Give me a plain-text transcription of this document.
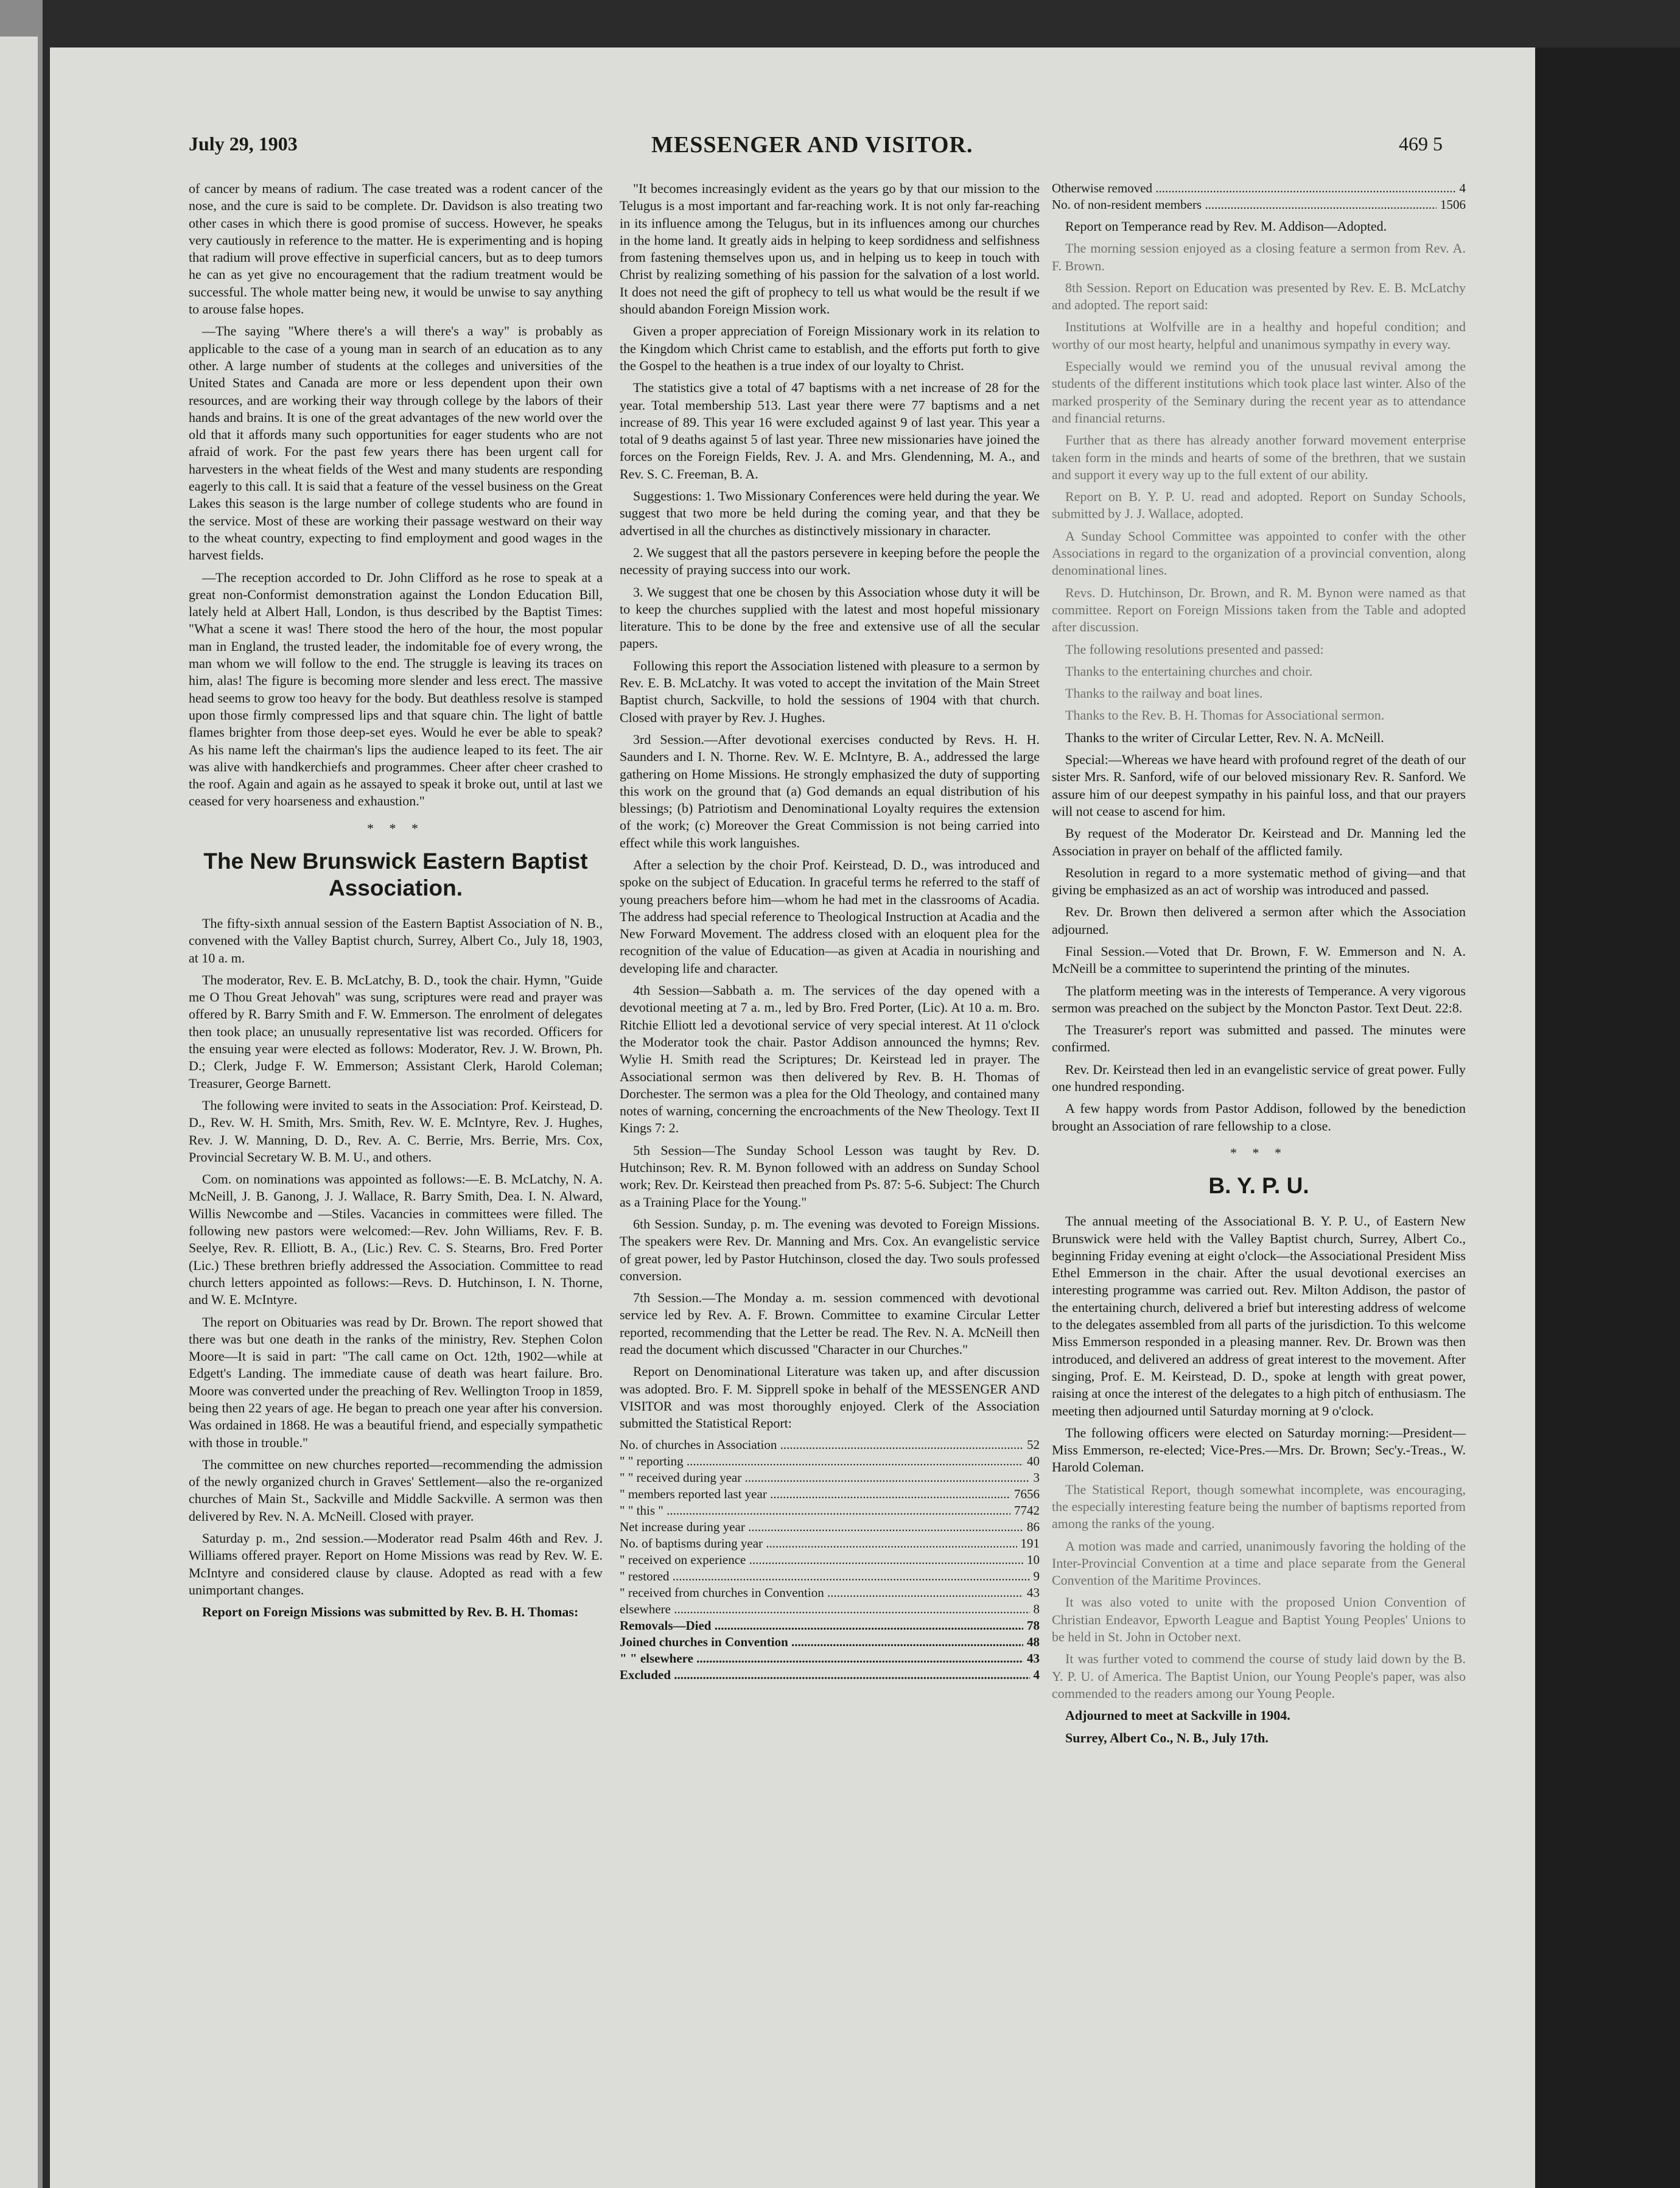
July 29, 1903	MESSENGER AND VISITOR.	469 5

of cancer by means of radium. The case treated was a rodent cancer of the nose, and the cure is said to be complete. Dr. Davidson is also treating two other cases in which there is good promise of success. However, he speaks very cautiously in reference to the matter. He is experimenting and is hoping that radium will prove effective in superficial cancers, but as to deep tumors he can as yet give no encouragement that the radium treatment would be successful. The whole matter being new, it would be unwise to say anything to arouse false hopes.

—The saying "Where there's a will there's a way" is probably as applicable to the case of a young man in search of an education as to any other. A large number of students at the colleges and universities of the United States and Canada are more or less dependent upon their own resources, and are working their way through college by the labors of their hands and brains. It is one of the great advantages of the new world over the old that it affords many such opportunities for eager students who are not afraid of work. For the past few years there has been urgent call for harvesters in the wheat fields of the West and many students are responding eagerly to this call. It is said that a feature of the vessel business on the Great Lakes this season is the large number of college students who are found in the service. Most of these are working their passage westward on their way to the wheat country, expecting to find employment and good wages in the harvest fields.

—The reception accorded to Dr. John Clifford as he rose to speak at a great non-Conformist demonstration against the London Education Bill, lately held at Albert Hall, London, is thus described by the Baptist Times: "What a scene it was! There stood the hero of the hour, the most popular man in England, the trusted leader, the indomitable foe of every wrong, the man whom we will follow to the end. The struggle is leaving its traces on him, alas! The figure is becoming more slender and less erect. The massive head seems to grow too heavy for the body. But deathless resolve is stamped upon those firmly compressed lips and that square chin. The light of battle flames brighter from those deep-set eyes. Would he ever be able to speak? As his name left the chairman's lips the audience leaped to its feet. The air was alive with handkerchiefs and programmes. Cheer after cheer crashed to the roof. Again and again as he assayed to speak it broke out, until at last we ceased for very hoarseness and exhaustion."

* * *
The New Brunswick Eastern Baptist Association.

The fifty-sixth annual session of the Eastern Baptist Association of N. B., convened with the Valley Baptist church, Surrey, Albert Co., July 18, 1903, at 10 a. m.

The moderator, Rev. E. B. McLatchy, B. D., took the chair. Hymn, "Guide me O Thou Great Jehovah" was sung, scriptures were read and prayer was offered by R. Barry Smith and F. W. Emmerson. The enrolment of delegates then took place; an unusually representative list was recorded. Officers for the ensuing year were elected as follows: Moderator, Rev. J. W. Brown, Ph. D.; Clerk, Judge F. W. Emmerson; Assistant Clerk, Harold Coleman; Treasurer, George Barnett.

The following were invited to seats in the Association: Prof. Keirstead, D. D., Rev. W. H. Smith, Mrs. Smith, Rev. W. E. McIntyre, Rev. J. Hughes, Rev. J. W. Manning, D. D., Rev. A. C. Berrie, Mrs. Berrie, Mrs. Cox, Provincial Secretary W. B. M. U., and others.

Com. on nominations was appointed as follows:—E. B. McLatchy, N. A. McNeill, J. B. Ganong, J. J. Wallace, R. Barry Smith, Dea. I. N. Alward, Willis Newcombe and —Stiles. Vacancies in committees were filled. The following new pastors were welcomed:—Rev. John Williams, Rev. F. B. Seelye, Rev. R. Elliott, B. A., (Lic.) Rev. C. S. Stearns, Bro. Fred Porter (Lic.) These brethren briefly addressed the Association. Committee to read church letters appointed as follows:—Revs. D. Hutchinson, I. N. Thorne, and W. E. McIntyre.

The report on Obituaries was read by Dr. Brown. The report showed that there was but one death in the ranks of the ministry, Rev. Stephen Colon Moore—It is said in part: "The call came on Oct. 12th, 1902—while at Edgett's Landing. The immediate cause of death was heart failure. Bro. Moore was converted under the preaching of Rev. Wellington Troop in 1859, being then 22 years of age. He began to preach one year after his conversion. Was ordained in 1868. He was a beautiful friend, and especially sympathetic with those in trouble."

The committee on new churches reported—recommending the admission of the newly organized church in Graves' Settlement—also the re-organized churches of Main St., Sackville and Middle Sackville. A sermon was then delivered by Rev. N. A. McNeill. Closed with prayer.

Saturday p. m., 2nd session.—Moderator read Psalm 46th and Rev. J. Williams offered prayer. Report on Home Missions was read by Rev. W. E. McIntyre and considered clause by clause. Adopted as read with a few unimportant changes.

Report on Foreign Missions was submitted by Rev. B. H. Thomas:

"It becomes increasingly evident as the years go by that our mission to the Telugus is a most important and far-reaching work. It is not only far-reaching in its influence among the Telugus, but in its influences among our churches in the home land. It greatly aids in helping to keep sordidness and selfishness from fastening themselves upon us, and in helping us to keep in touch with Christ by realizing something of his passion for the salvation of a lost world. It does not need the gift of prophecy to tell us what would be the result if we should abandon Foreign Mission work.

Given a proper appreciation of Foreign Missionary work in its relation to the Kingdom which Christ came to establish, and the efforts put forth to give the Gospel to the heathen is a true index of our loyalty to Christ.

The statistics give a total of 47 baptisms with a net increase of 28 for the year. Total membership 513. Last year there were 77 baptisms and a net increase of 89. This year 16 were excluded against 9 of last year. This year a total of 9 deaths against 5 of last year. Three new missionaries have joined the forces on the Foreign Fields, Rev. J. A. and Mrs. Glendenning, M. A., and Rev. S. C. Freeman, B. A.

Suggestions: 1. Two Missionary Conferences were held during the year. We suggest that two more be held during the coming year, and that they be advertised in all the churches as distinctively missionary in character.

2. We suggest that all the pastors persevere in keeping before the people the necessity of praying success into our work.

3. We suggest that one be chosen by this Association whose duty it will be to keep the churches supplied with the latest and most hopeful missionary literature. This to be done by the free and extensive use of all the secular papers.

Following this report the Association listened with pleasure to a sermon by Rev. E. B. McLatchy. It was voted to accept the invitation of the Main Street Baptist church, Sackville, to hold the sessions of 1904 with that church. Closed with prayer by Rev. J. Hughes.

3rd Session.—After devotional exercises conducted by Revs. H. H. Saunders and I. N. Thorne. Rev. W. E. McIntyre, B. A., addressed the large gathering on Home Missions. He strongly emphasized the duty of supporting this work on the ground that (a) God demands an equal distribution of his blessings; (b) Patriotism and Denominational Loyalty requires the extension of the work; (c) Moreover the Great Commission is not being carried into effect while this work languishes.

After a selection by the choir Prof. Keirstead, D. D., was introduced and spoke on the subject of Education. In graceful terms he referred to the staff of young preachers before him—whom he had met in the classrooms of Acadia. The address had special reference to Theological Instruction at Acadia and the New Forward Movement. The address closed with an eloquent plea for the recognition of the value of Education—as given at Acadia in nourishing and developing life and character.

4th Session—Sabbath a. m. The services of the day opened with a devotional meeting at 7 a. m., led by Bro. Fred Porter, (Lic). At 10 a. m. Bro. Ritchie Elliott led a devotional service of very special interest. At 11 o'clock the Moderator took the chair. Pastor Addison announced the hymns; Rev. Wylie H. Smith read the Scriptures; Dr. Keirstead led in prayer. The Associational sermon was then delivered by Rev. B. H. Thomas of Dorchester. The sermon was a plea for the Old Theology, and contained many notes of warning, concerning the encroachments of the New Theology. Text II Kings 7: 2.

5th Session—The Sunday School Lesson was taught by Rev. D. Hutchinson; Rev. R. M. Bynon followed with an address on Sunday School work; Rev. Dr. Keirstead then preached from Ps. 87: 5-6. Subject: The Church as a Training Place for the Young."

6th Session. Sunday, p. m. The evening was devoted to Foreign Missions. The speakers were Rev. Dr. Manning and Mrs. Cox. An evangelistic service of great power, led by Pastor Hutchinson, closed the day. Two souls professed conversion.

7th Session.—The Monday a. m. session commenced with devotional service led by Rev. A. F. Brown. Committee to examine Circular Letter reported, recommending that the Letter be read. The Rev. N. A. McNeill then read the document which discussed "Character in our Churches."

Report on Denominational Literature was taken up, and after discussion was adopted. Bro. F. M. Sipprell spoke in behalf of the MESSENGER AND VISITOR and was most thoroughly enjoyed. Clerk of the Association submitted the Statistical Report:

No. of churches in Association .....	52
" " reporting .....	40
" " received during year .....	3
" members reported last year .....	7656
" " this " .....	7742
Net increase during year .....	86
No. of baptisms during year .....	191
" received on experience .....	10
" restored .....	9
" received from churches in Convention .....	43
elsewhere .....	8
Removals—Died .....	78
Joined churches in Convention .....	48
" " elsewhere .....	43
Excluded .....	4
Otherwise removed .....	4
No. of non-resident members .....	1506

Report on Temperance read by Rev. M. Addison—Adopted.

The morning session enjoyed as a closing feature a sermon from Rev. A. F. Brown.

8th Session. Report on Education was presented by Rev. E. B. McLatchy and adopted. The report said:

Institutions at Wolfville are in a healthy and hopeful condition; and worthy of our most hearty, helpful and unanimous sympathy in every way.

Especially would we remind you of the unusual revival among the students of the different institutions which took place last winter. Also of the marked prosperity of the Seminary during the recent year as to attendance and financial returns.

Further that as there has already another forward movement enterprise taken form in the minds and hearts of some of the brethren, that we sustain and support it every way up to the full extent of our ability.

Report on B. Y. P. U. read and adopted. Report on Sunday Schools, submitted by J. J. Wallace, adopted.

A Sunday School Committee was appointed to confer with the other Associations in regard to the organization of a provincial convention, along denominational lines.

Revs. D. Hutchinson, Dr. Brown, and R. M. Bynon were named as that committee. Report on Foreign Missions taken from the Table and adopted after discussion.

The following resolutions presented and passed:

Thanks to the entertaining churches and choir.

Thanks to the railway and boat lines.

Thanks to the Rev. B. H. Thomas for Associational sermon.

Thanks to the writer of Circular Letter, Rev. N. A. McNeill.

Special:—Whereas we have heard with profound regret of the death of our sister Mrs. R. Sanford, wife of our beloved missionary Rev. R. Sanford. We assure him of our deepest sympathy in his painful loss, and that our prayers will not cease to ascend for him.

By request of the Moderator Dr. Keirstead and Dr. Manning led the Association in prayer on behalf of the afflicted family.

Resolution in regard to a more systematic method of giving—and that giving be emphasized as an act of worship was introduced and passed.

Rev. Dr. Brown then delivered a sermon after which the Association adjourned.

Final Session.—Voted that Dr. Brown, F. W. Emmerson and N. A. McNeill be a committee to superintend the printing of the minutes.

The platform meeting was in the interests of Temperance. A very vigorous sermon was preached on the subject by the Moncton Pastor. Text Deut. 22:8.

The Treasurer's report was submitted and passed. The minutes were confirmed.

Rev. Dr. Keirstead then led in an evangelistic service of great power. Fully one hundred responding.

A few happy words from Pastor Addison, followed by the benediction brought an Association of rare fellowship to a close.

* * *
B. Y. P. U.

The annual meeting of the Associational B. Y. P. U., of Eastern New Brunswick were held with the Valley Baptist church, Surrey, Albert Co., beginning Friday evening at eight o'clock—the Associational President Miss Ethel Emmerson in the chair. After the usual devotional exercises an interesting programme was carried out. Rev. Milton Addison, the pastor of the entertaining church, delivered a brief but interesting address of welcome to the delegates assembled from all parts of the jurisdiction. To this welcome Miss Emmerson responded in a pleasing manner. Rev. Dr. Brown was then introduced, and delivered an address of great interest to the movement. After singing, Prof. E. M. Keirstead, D. D., spoke at length with great power, raising at once the interest of the delegates to a high pitch of enthusiasm. The meeting then adjourned until Saturday morning at 9 o'clock.

The following officers were elected on Saturday morning:—President—Miss Emmerson, re-elected; Vice-Pres.—Mrs. Dr. Brown; Sec'y.-Treas., W. Harold Coleman.

The Statistical Report, though somewhat incomplete, was encouraging, the especially interesting feature being the number of baptisms reported from among the ranks of the young.

A motion was made and carried, unanimously favoring the holding of the Inter-Provincial Convention at a time and place separate from the General Convention of the Maritime Provinces.

It was also voted to unite with the proposed Union Convention of Christian Endeavor, Epworth League and Baptist Young Peoples' Unions to be held in St. John in October next.

It was further voted to commend the course of study laid down by the B. Y. P. U. of America. The Baptist Union, our Young People's paper, was also commended to the readers among our Young People.

Adjourned to meet at Sackville in 1904.

Surrey, Albert Co., N. B., July 17th.
